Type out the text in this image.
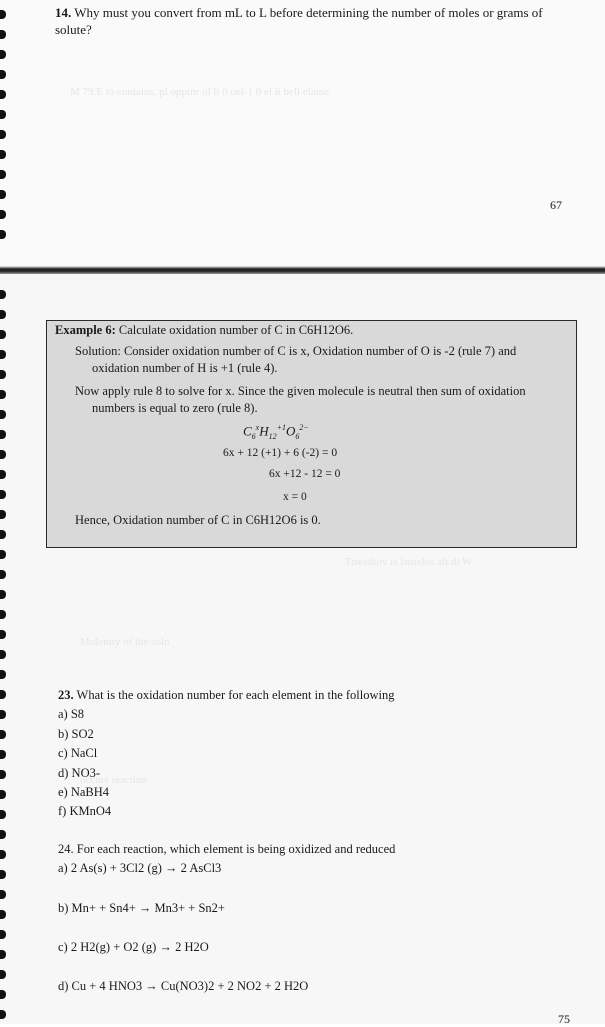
14. Why must you convert from mL to L before determining the number of moles or grams of solute?
M 79.E to contains. pl oppinr ol li 0 uel-1 0 el li bell elaine
67
Tisesdiov is Insielos ali di W
Molenity of the soln
occurs reaction
Example 6: Calculate oxidation number of C in C6H12O6.
Solution: Consider oxidation number of C is x, Oxidation number of O is -2 (rule 7) and
oxidation number of H is +1 (rule 4).
Now apply rule 8 to solve for x. Since the given molecule is neutral then sum of oxidation
numbers is equal to zero (rule 8).
$C_6^xH_{12}^{+1}O_6^{2-}$
6x + 12 (+1) + 6 (-2) = 0
6x +12 - 12 = 0
x = 0
Hence, Oxidation number of C in C6H12O6 is 0.
23. What is the oxidation number for each element in the following
a) S8
b) SO2
c) NaCl
d) NO3-
e) NaBH4
f) KMnO4
24. For each reaction, which element is being oxidized and reduced
a) 2 As(s) + 3Cl2 (g) → 2 AsCl3
b) Mn+ + Sn4+ → Mn3+ + Sn2+
c) 2 H2(g) + O2 (g) → 2 H2O
d) Cu + 4 HNO3 → Cu(NO3)2 + 2 NO2 + 2 H2O
75
